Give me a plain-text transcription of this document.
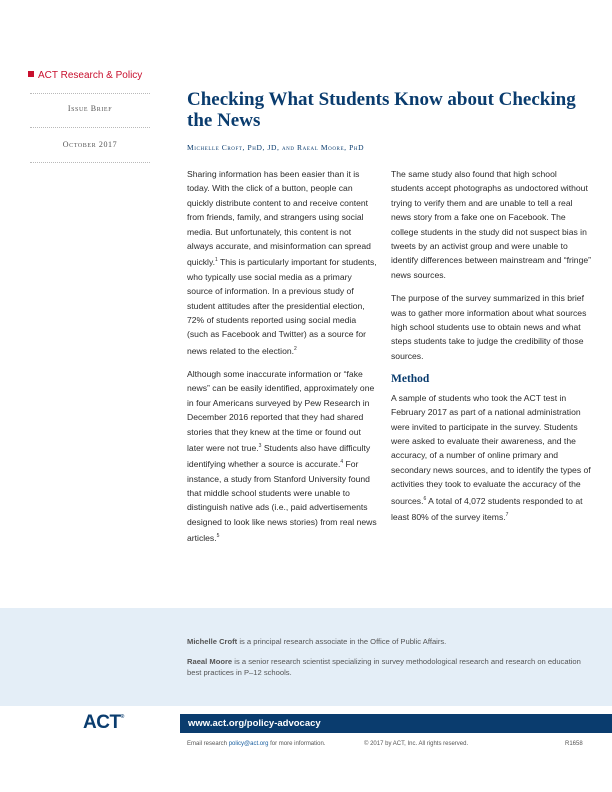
ACT Research & Policy
Issue Brief
October 2017
Checking What Students Know about Checking the News
Michelle Croft, PhD, JD, and Raeal Moore, PhD

Sharing information has been easier than it is today. With the click of a button, people can quickly distribute content to and receive content from friends, family, and strangers using social media. But unfortunately, this content is not always accurate, and misinformation can spread quickly.$^1$ This is particularly important for students, who typically use social media as a primary source of information. In a previous study of student attitudes after the presidential election, 72% of students reported using social media (such as Facebook and Twitter) as a source for news related to the election.$^2$

Although some inaccurate information or “fake news” can be easily identified, approximately one in four Americans surveyed by Pew Research in December 2016 reported that they had shared stories that they knew at the time or found out later were not true.$^3$ Students also have difficulty identifying whether a source is accurate.$^4$ For instance, a study from Stanford University found that middle school students were unable to distinguish native ads (i.e., paid advertisements designed to look like news stories) from real news articles.$^5$

The same study also found that high school students accept photographs as undoctored without trying to verify them and are unable to tell a real news story from a fake one on Facebook. The college students in the study did not suspect bias in tweets by an activist group and were unable to identify differences between mainstream and “fringe” news sources.

The purpose of the survey summarized in this brief was to gather more information about what sources high school students use to obtain news and what steps students take to judge the credibility of those sources.

Method

A sample of students who took the ACT test in February 2017 as part of a national administration were invited to participate in the survey. Students were asked to evaluate their awareness, and the accuracy, of a number of online primary and secondary news sources, and to identify the types of activities they took to evaluate the accuracy of the sources.$^6$ A total of 4,072 students responded to at least 80% of the survey items.$^7$

Michelle Croft is a principal research associate in the Office of Public Affairs.
Raeal Moore is a senior research scientist specializing in survey methodological research and research on education best practices in P–12 schools.
ACT®
www.act.org/policy-advocacy
Email research policy@act.org for more information.	© 2017 by ACT, Inc. All rights reserved.	R1658
